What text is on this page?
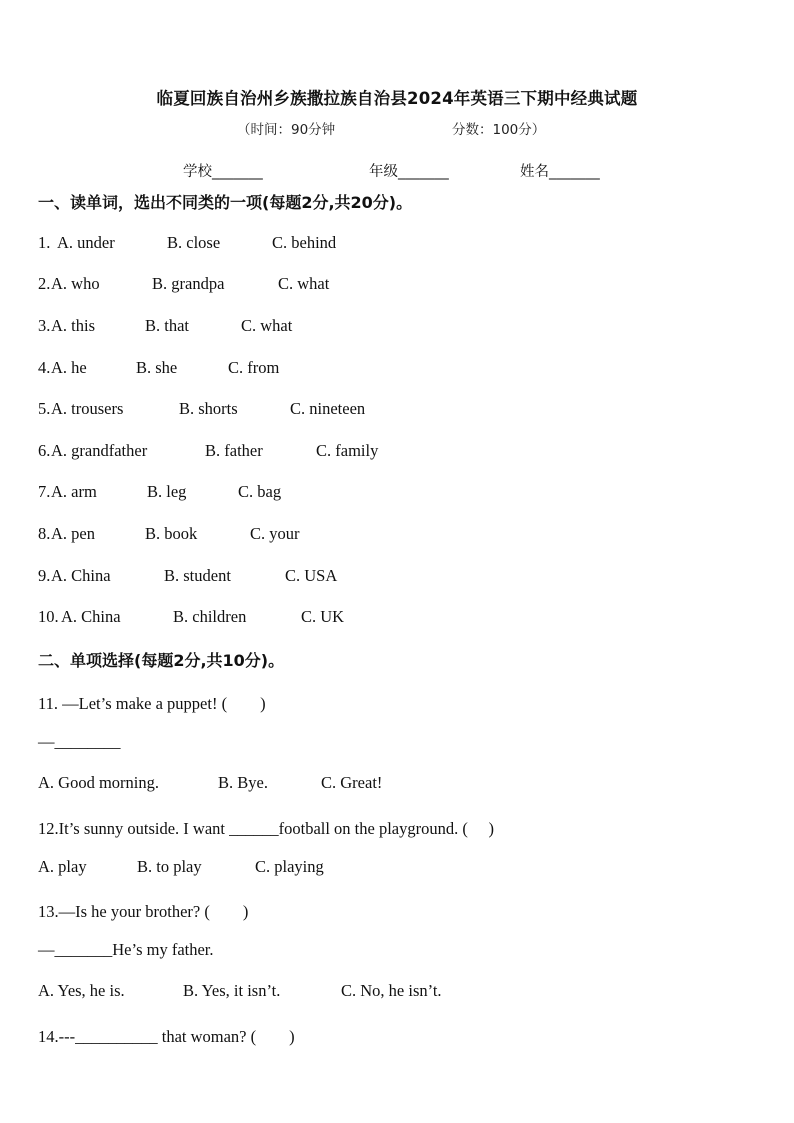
临夏回族自治州乡族撒拉族自治县2024年英语三下期中经典试题
（时间：90分钟	分数：100分）
学校_______	年级_______	姓名_______
一、读单词，选出不同类的一项(每题2分,共20分)。
1. A. under	B. close	C. behind
2. A. who	B. grandpa	C. what
3. A. this	B. that	C. what
4. A. he	B. she	C. from
5. A. trousers	B. shorts	C. nineteen
6. A. grandfather	B. father	C. family
7. A. arm	B. leg	C. bag
8. A. pen	B. book	C. your
9. A. China	B. student	C. USA
10. A. China	B. children	C. UK
二、单项选择(每题2分,共10分)。
11. —Let’s make a puppet! (　　)
—________
A. Good morning.	B. Bye.	C. Great!
12.It’s sunny outside. I want ______football on the playground. (　 )
A. play	B. to play	C. playing
13.—Is he your brother? (　　)
—_______He’s my father.
A. Yes, he is.	B. Yes, it isn’t.	C. No, he isn’t.
14.---__________ that woman? (　　)
